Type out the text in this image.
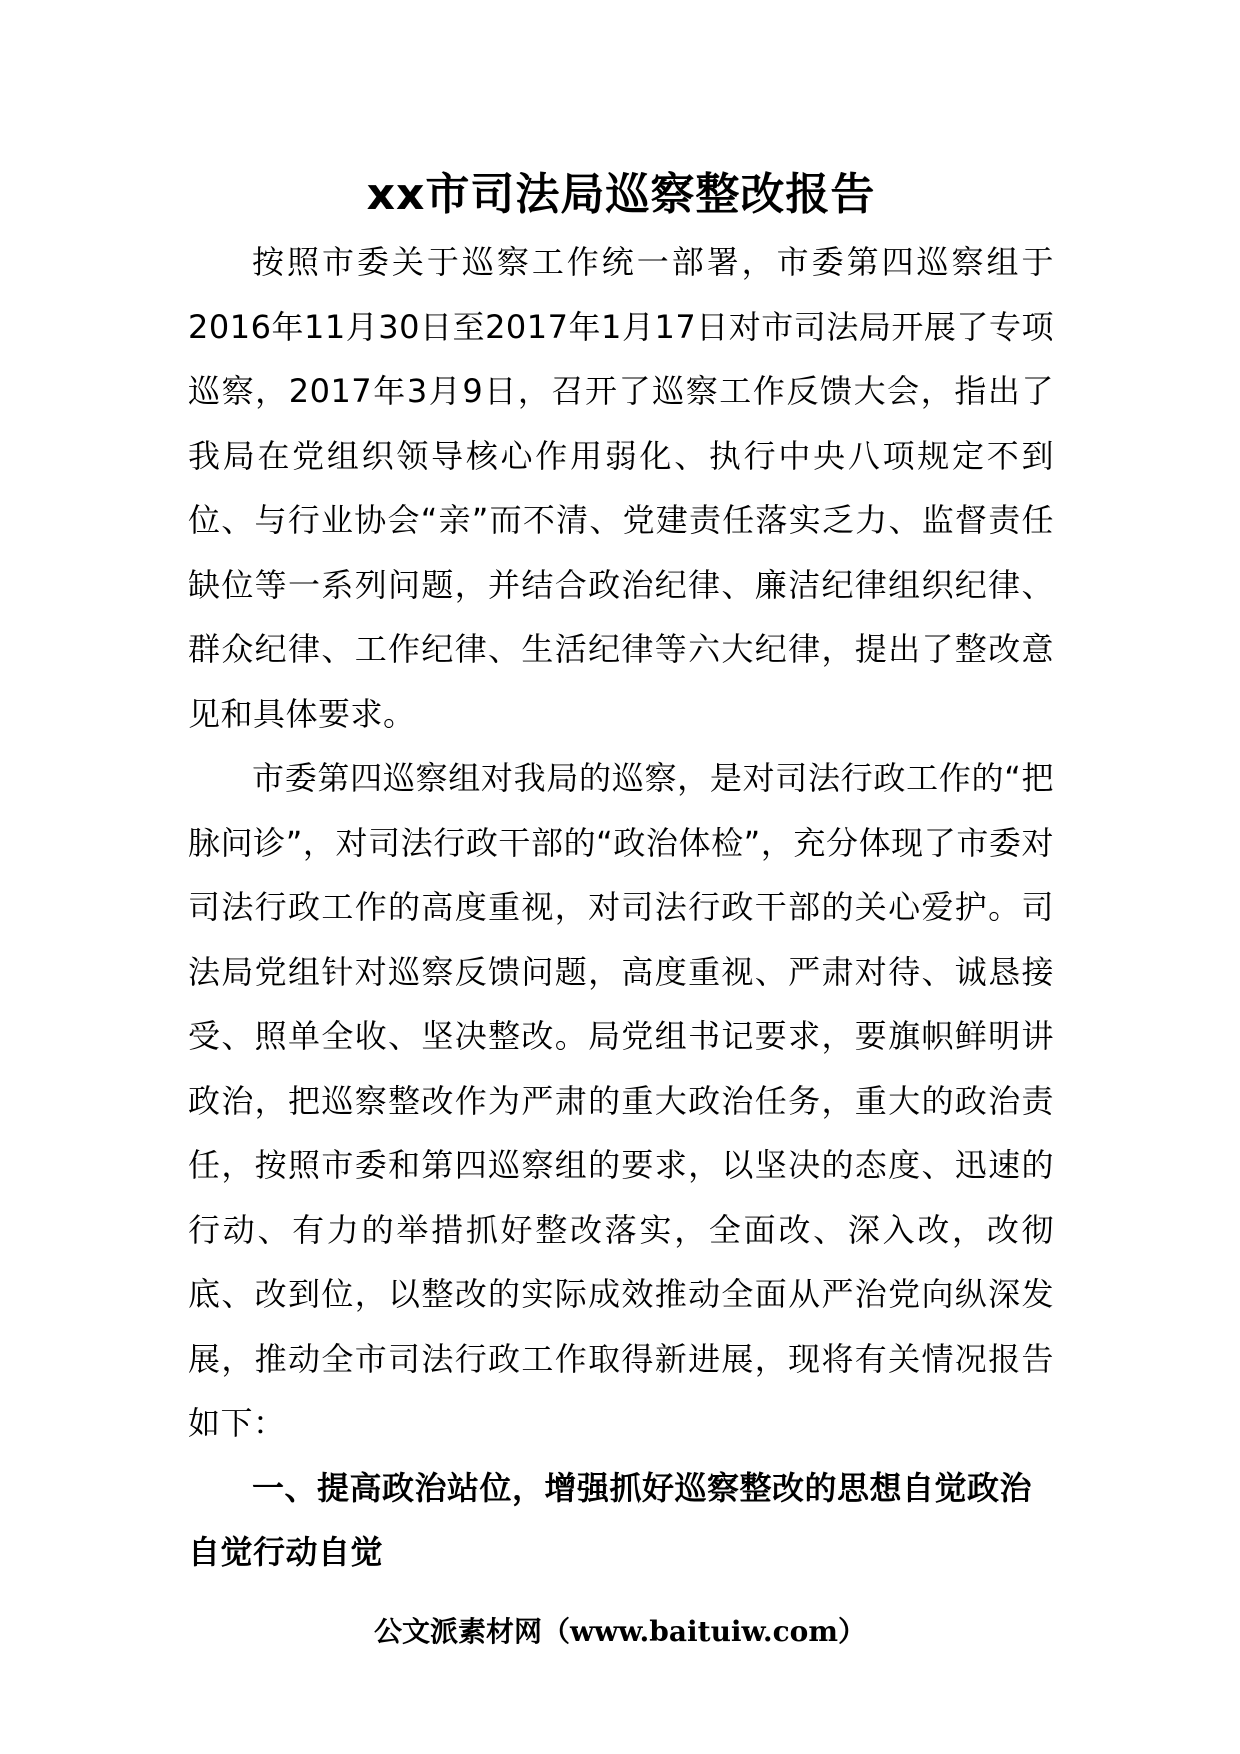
xx市司法局巡察整改报告

按照市委关于巡察工作统一部署，市委第四巡察组于2016年11月30日至2017年1月17日对市司法局开展了专项巡察，2017年3月9日，召开了巡察工作反馈大会，指出了我局在党组织领导核心作用弱化、执行中央八项规定不到位、与行业协会“亲”而不清、党建责任落实乏力、监督责任缺位等一系列问题，并结合政治纪律、廉洁纪律组织纪律、群众纪律、工作纪律、生活纪律等六大纪律，提出了整改意见和具体要求。

市委第四巡察组对我局的巡察，是对司法行政工作的“把脉问诊”，对司法行政干部的“政治体检”，充分体现了市委对司法行政工作的高度重视，对司法行政干部的关心爱护。司法局党组针对巡察反馈问题，高度重视、严肃对待、诚恳接受、照单全收、坚决整改。局党组书记要求，要旗帜鲜明讲政治，把巡察整改作为严肃的重大政治任务，重大的政治责任，按照市委和第四巡察组的要求，以坚决的态度、迅速的行动、有力的举措抓好整改落实，全面改、深入改，改彻底、改到位，以整改的实际成效推动全面从严治党向纵深发展，推动全市司法行政工作取得新进展，现将有关情况报告如下：

一、提高政治站位，增强抓好巡察整改的思想自觉政治自觉行动自觉

公文派素材网（www.baituiw.com）
